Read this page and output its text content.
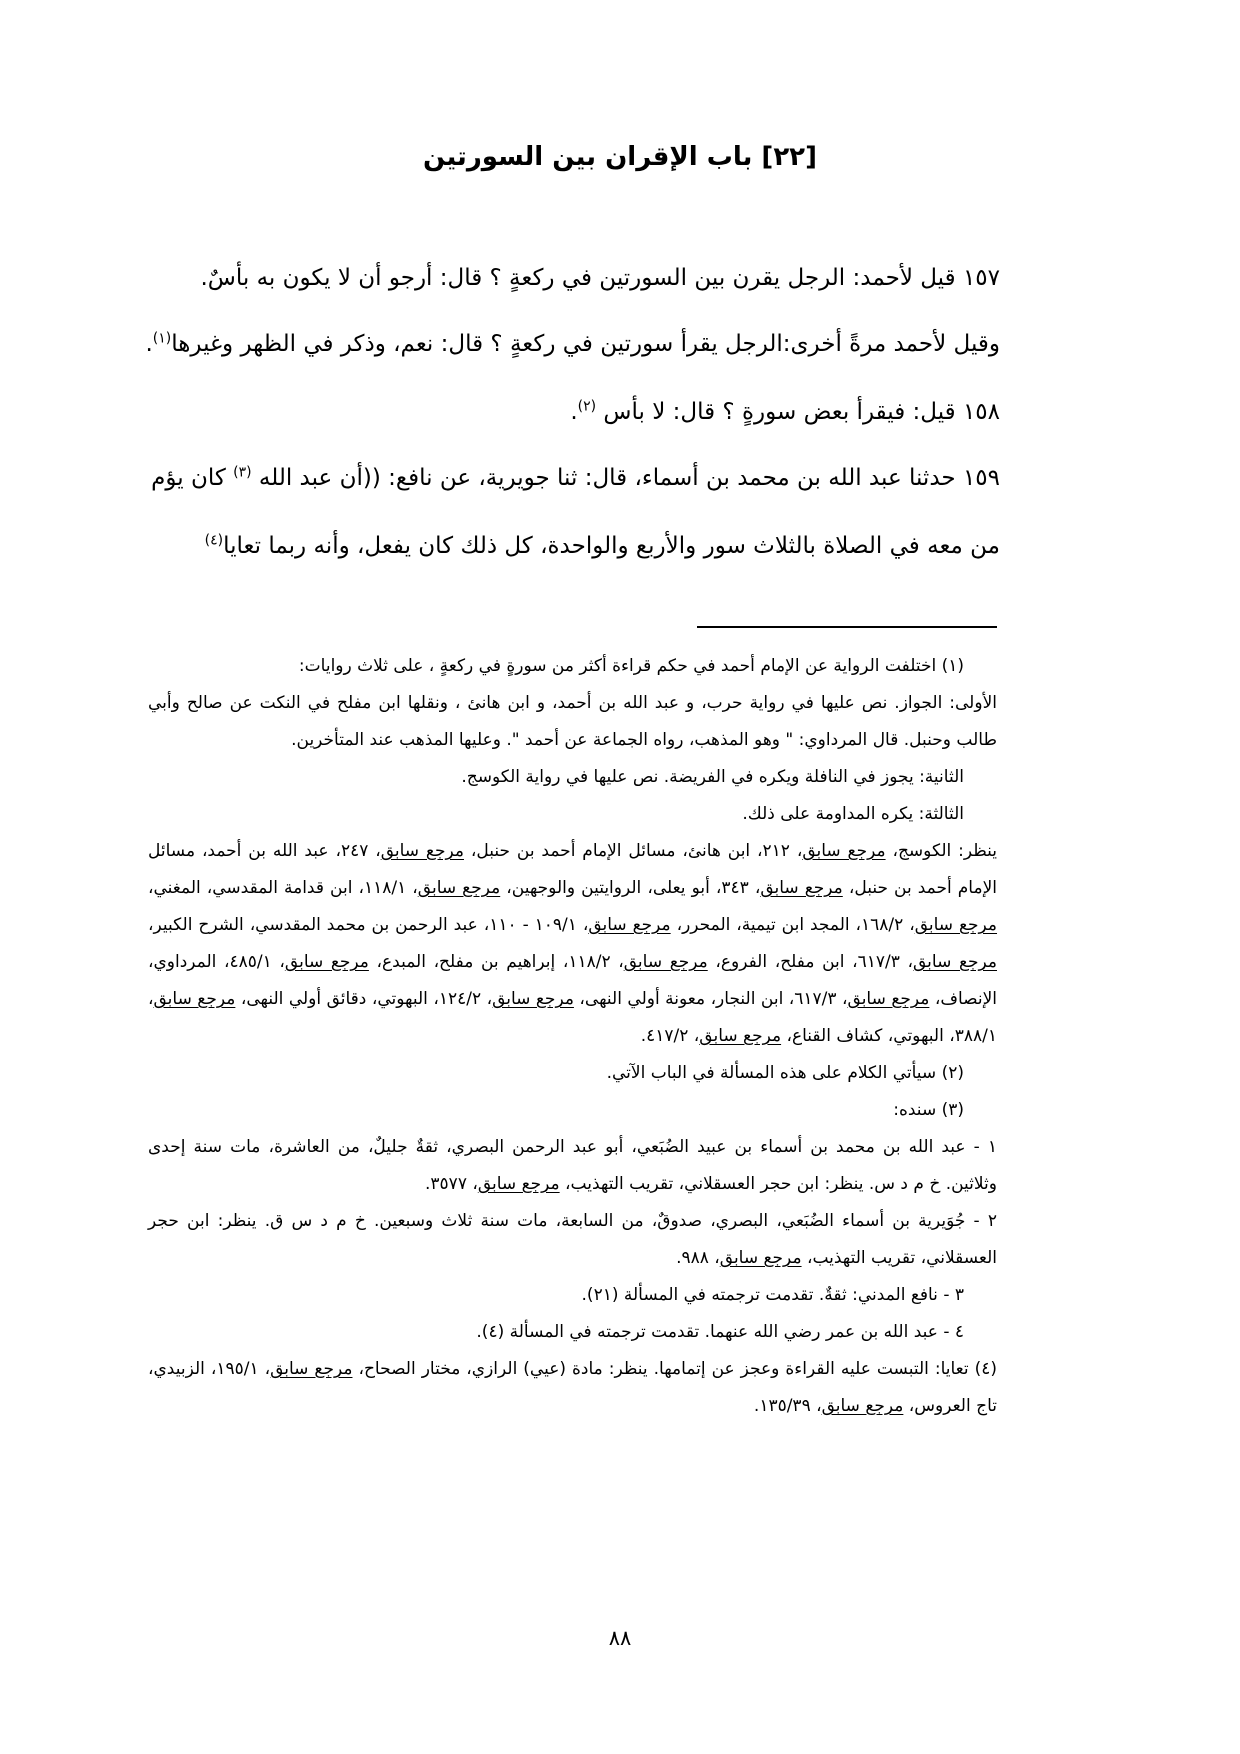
[٢٢] باب الإقران بين السورتين

١٥٧ قيل لأحمد: الرجل يقرن بين السورتين في ركعةٍ ؟ قال: أرجو أن لا يكون به بأسٌ.

وقيل لأحمد مرةً أخرى:الرجل يقرأ سورتين في ركعةٍ ؟ قال: نعم، وذكر في الظهر وغيرها$^{(١)}$.

١٥٨ قيل: فيقرأ بعض سورةٍ ؟ قال: لا بأس $^{(٢)}$.

١٥٩ حدثنا عبد الله بن محمد بن أسماء، قال: ثنا جويرية، عن نافع: ((أن عبد الله $^{(٣)}$ كان يؤم

من معه في الصلاة بالثلاث سور والأربع والواحدة، كل ذلك كان يفعل، وأنه ربما تعايا$^{(٤)}$

(١) اختلفت الرواية عن الإمام أحمد في حكم قراءة أكثر من سورةٍ في ركعةٍ ، على ثلاث روايات:

الأولى: الجواز. نص عليها في رواية حرب، و عبد الله بن أحمد، و ابن هانئ ، ونقلها ابن مفلح في النكت عن صالح وأبي طالب وحنبل. قال المرداوي: " وهو المذهب، رواه الجماعة عن أحمد ". وعليها المذهب عند المتأخرين.

الثانية: يجوز في النافلة ويكره في الفريضة. نص عليها في رواية الكوسج.

الثالثة: يكره المداومة على ذلك.

ينظر: الكوسج، مرجع سابق، ٢١٢، ابن هانئ، مسائل الإمام أحمد بن حنبل، مرجع سابق، ٢٤٧، عبد الله بن أحمد، مسائل الإمام أحمد بن حنبل، مرجع سابق، ٣٤٣، أبو يعلى، الروايتين والوجهين، مرجع سابق، ١١٨/١، ابن قدامة المقدسي، المغني، مرجع سابق، ١٦٨/٢، المجد ابن تيمية، المحرر، مرجع سابق، ١٠٩/١ - ١١٠، عبد الرحمن بن محمد المقدسي، الشرح الكبير، مرجع سابق، ٦١٧/٣، ابن مفلح، الفروع، مرجع سابق، ١١٨/٢، إبراهيم بن مفلح، المبدع، مرجع سابق، ٤٨٥/١، المرداوي، الإنصاف، مرجع سابق، ٦١٧/٣، ابن النجار، معونة أولي النهى، مرجع سابق، ١٢٤/٢، البهوتي، دقائق أولي النهى، مرجع سابق، ٣٨٨/١، البهوتي، كشاف القناع، مرجع سابق، ٤١٧/٢.

(٢) سيأتي الكلام على هذه المسألة في الباب الآتي.

(٣) سنده:

١ - عبد الله بن محمد بن أسماء بن عبيد الضُبَعي، أبو عبد الرحمن البصري، ثقةٌ جليلٌ، من العاشرة، مات سنة إحدى وثلاثين. خ م د س. ينظر: ابن حجر العسقلاني، تقريب التهذيب، مرجع سابق، ٣٥٧٧.

٢ - جُوَيرية بن أسماء الضُبَعي، البصري، صدوقٌ، من السابعة، مات سنة ثلاث وسبعين. خ م د س ق. ينظر: ابن حجر العسقلاني، تقريب التهذيب، مرجع سابق، ٩٨٨.

٣ - نافع المدني: ثقةٌ. تقدمت ترجمته في المسألة (٢١).

٤ - عبد الله بن عمر رضي الله عنهما. تقدمت ترجمته في المسألة (٤).

(٤) تعايا: التبست عليه القراءة وعجز عن إتمامها. ينظر: مادة (عيي) الرازي، مختار الصحاح، مرجع سابق، ١٩٥/١، الزبيدي، تاج العروس، مرجع سابق، ١٣٥/٣٩.

٨٨
